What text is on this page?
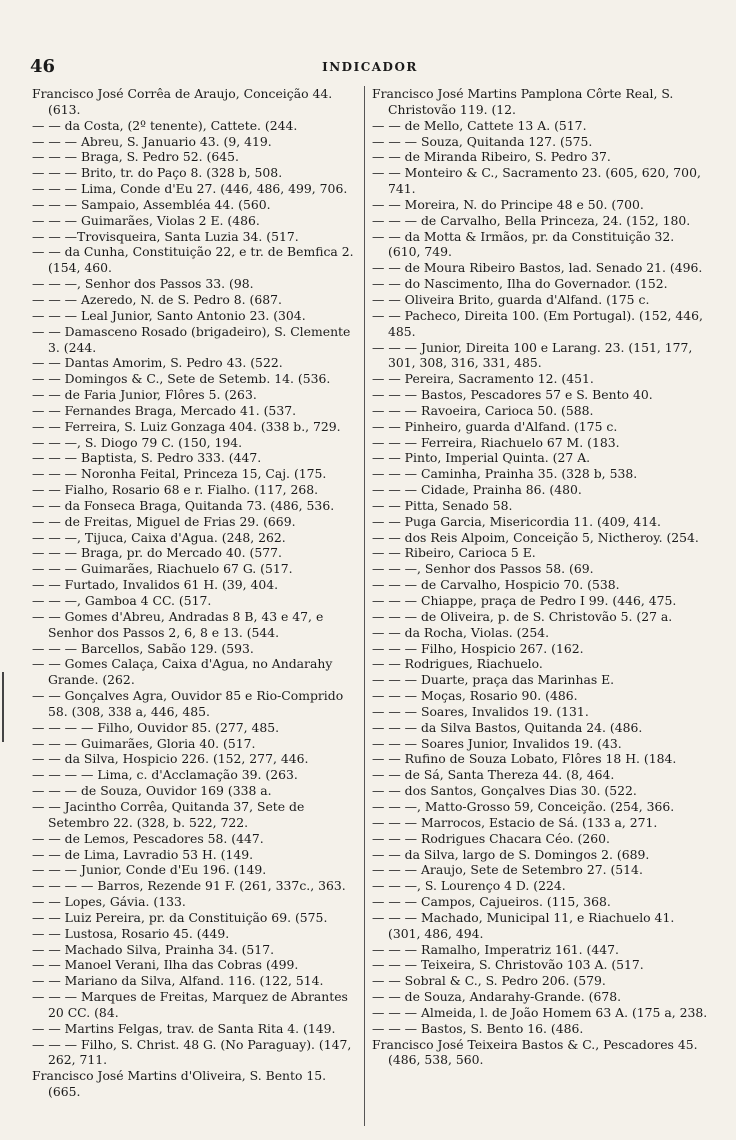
46	INDICADOR
Francisco José Corrêa de Araujo, Conceição 44. (613.
— — da Costa, (2º tenente), Cattete. (244.
— — — Abreu, S. Januario 43. (9, 419.
— — — Braga, S. Pedro 52. (645.
— — — Brito, tr. do Paço 8. (328 b, 508.
— — — Lima, Conde d'Eu 27. (446, 486, 499, 706.
— — — Sampaio, Assembléa 44. (560.
— — — Guimarães, Violas 2 E. (486.
— — —Trovisqueira, Santa Luzia 34. (517.
— — da Cunha, Constituição 22, e tr. de Bemfica 2. (154, 460.
— — —, Senhor dos Passos 33. (98.
— — — Azeredo, N. de S. Pedro 8. (687.
— — — Leal Junior, Santo Antonio 23. (304.
— — Damasceno Rosado (brigadeiro), S. Clemente 3. (244.
— — Dantas Amorim, S. Pedro 43. (522.
— — Domingos & C., Sete de Setemb. 14. (536.
— — de Faria Junior, Flôres 5. (263.
— — Fernandes Braga, Mercado 41. (537.
— — Ferreira, S. Luiz Gonzaga 404. (338 b., 729.
— — —, S. Diogo 79 C. (150, 194.
— — — Baptista, S. Pedro 333. (447.
— — — Noronha Feital, Princeza 15, Caj. (175.
— — Fialho, Rosario 68 e r. Fialho. (117, 268.
— — da Fonseca Braga, Quitanda 73. (486, 536.
— — de Freitas, Miguel de Frias 29. (669.
— — —, Tijuca, Caixa d'Agua. (248, 262.
— — — Braga, pr. do Mercado 40. (577.
— — — Guimarães, Riachuelo 67 G. (517.
— — Furtado, Invalidos 61 H. (39, 404.
— — —, Gamboa 4 CC. (517.
— — Gomes d'Abreu, Andradas 8 B, 43 e 47, e Senhor dos Passos 2, 6, 8 e 13. (544.
— — — Barcellos, Sabão 129. (593.
— — Gomes Calaça, Caixa d'Agua, no Andarahy Grande. (262.
— — Gonçalves Agra, Ouvidor 85 e Rio-Comprido 58. (308, 338 a, 446, 485.
— — — — Filho, Ouvidor 85. (277, 485.
— — — Guimarães, Gloria 40. (517.
— — da Silva, Hospicio 226. (152, 277, 446.
— — — — Lima, c. d'Acclamação 39. (263.
— — — de Souza, Ouvidor 169 (338 a.
— — Jacintho Corrêa, Quitanda 37, Sete de Setembro 22. (328, b. 522, 722.
— — de Lemos, Pescadores 58. (447.
— — de Lima, Lavradio 53 H. (149.
— — — Junior, Conde d'Eu 196. (149.
— — — — Barros, Rezende 91 F. (261, 337c., 363.
— — Lopes, Gávia. (133.
— — Luiz Pereira, pr. da Constituição 69. (575.
— — Lustosa, Rosario 45. (449.
— — Machado Silva, Prainha 34. (517.
— — Manoel Verani, Ilha das Cobras (499.
— — Mariano da Silva, Alfand. 116. (122, 514.
— — — Marques de Freitas, Marquez de Abrantes 20 CC. (84.
— — Martins Felgas, trav. de Santa Rita 4. (149.
— — — Filho, S. Christ. 48 G. (No Paraguay). (147, 262, 711.
Francisco José Martins d'Oliveira, S. Bento 15. (665.
Francisco José Martins Pamplona Côrte Real, S. Christovão 119. (12.
— — de Mello, Cattete 13 A. (517.
— — — Souza, Quitanda 127. (575.
— — de Miranda Ribeiro, S. Pedro 37.
— — Monteiro & C., Sacramento 23. (605, 620, 700, 741.
— — Moreira, N. do Principe 48 e 50. (700.
— — — de Carvalho, Bella Princeza, 24. (152, 180.
— — da Motta & Irmãos, pr. da Constituição 32. (610, 749.
— — de Moura Ribeiro Bastos, lad. Senado 21. (496.
— — do Nascimento, Ilha do Governador. (152.
— — Oliveira Brito, guarda d'Alfand. (175 c.
— — Pacheco, Direita 100. (Em Portugal). (152, 446, 485.
— — — Junior, Direita 100 e Larang. 23. (151, 177, 301, 308, 316, 331, 485.
— — Pereira, Sacramento 12. (451.
— — — Bastos, Pescadores 57 e S. Bento 40.
— — — Ravoeira, Carioca 50. (588.
— — Pinheiro, guarda d'Alfand. (175 c.
— — — Ferreira, Riachuelo 67 M. (183.
— — Pinto, Imperial Quinta. (27 A.
— — — Caminha, Prainha 35. (328 b, 538.
— — — Cidade, Prainha 86. (480.
— — Pitta, Senado 58.
— — Puga Garcia, Misericordia 11. (409, 414.
— — dos Reis Alpoim, Conceição 5, Nictheroy. (254.
— — Ribeiro, Carioca 5 E.
— — —, Senhor dos Passos 58. (69.
— — — de Carvalho, Hospicio 70. (538.
— — — Chiappe, praça de Pedro I 99. (446, 475.
— — — de Oliveira, p. de S. Christovão 5. (27 a.
— — da Rocha, Violas. (254.
— — — Filho, Hospicio 267. (162.
— — Rodrigues, Riachuelo.
— — — Duarte, praça das Marinhas E.
— — — Moças, Rosario 90. (486.
— — — Soares, Invalidos 19. (131.
— — — da Silva Bastos, Quitanda 24. (486.
— — — Soares Junior, Invalidos 19. (43.
— — Rufino de Souza Lobato, Flôres 18 H. (184.
— — de Sá, Santa Thereza 44. (8, 464.
— — dos Santos, Gonçalves Dias 30. (522.
— — —, Matto-Grosso 59, Conceição. (254, 366.
— — — Marrocos, Estacio de Sá. (133 a, 271.
— — — Rodrigues Chacara Céo. (260.
— — da Silva, largo de S. Domingos 2. (689.
— — — Araujo, Sete de Setembro 27. (514.
— — —, S. Lourenço 4 D. (224.
— — — Campos, Cajueiros. (115, 368.
— — — Machado, Municipal 11, e Riachuelo 41. (301, 486, 494.
— — — Ramalho, Imperatriz 161. (447.
— — — Teixeira, S. Christovão 103 A. (517.
— — Sobral & C., S. Pedro 206. (579.
— — de Souza, Andarahy-Grande. (678.
— — — Almeida, l. de João Homem 63 A. (175 a, 238.
— — — Bastos, S. Bento 16. (486.
Francisco José Teixeira Bastos & C., Pescadores 45. (486, 538, 560.
